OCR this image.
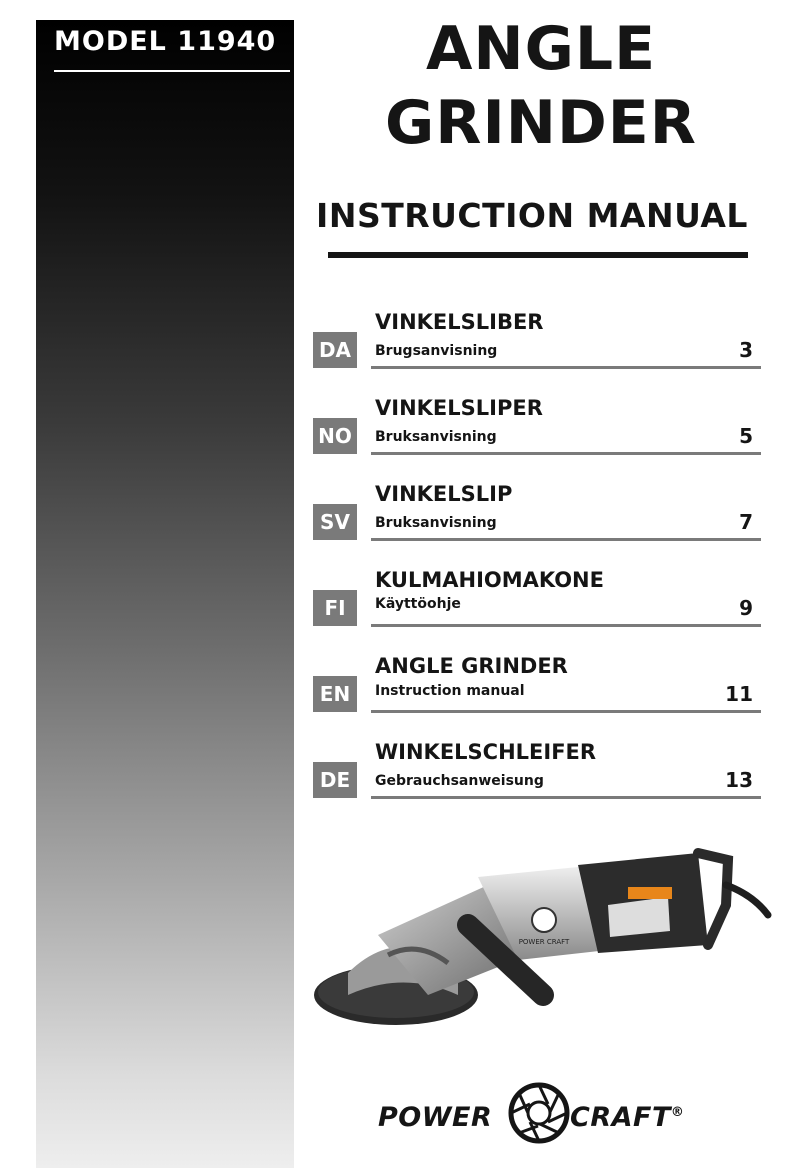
MODEL 11940	ANGLE
GRINDER
INSTRUCTION MANUAL
DA
VINKELSLIBER
Brugsanvisning	3
NO
VINKELSLIPER
Bruksanvisning	5
SV
VINKELSLIP
Bruksanvisning	7
FI
KULMAHIOMAKONE
Käyttöohje	9
EN
ANGLE GRINDER
Instruction manual	11
DE
WINKELSCHLEIFER
Gebrauchsanweisung	13
POWER CRAFT
POWER	CRAFT®
